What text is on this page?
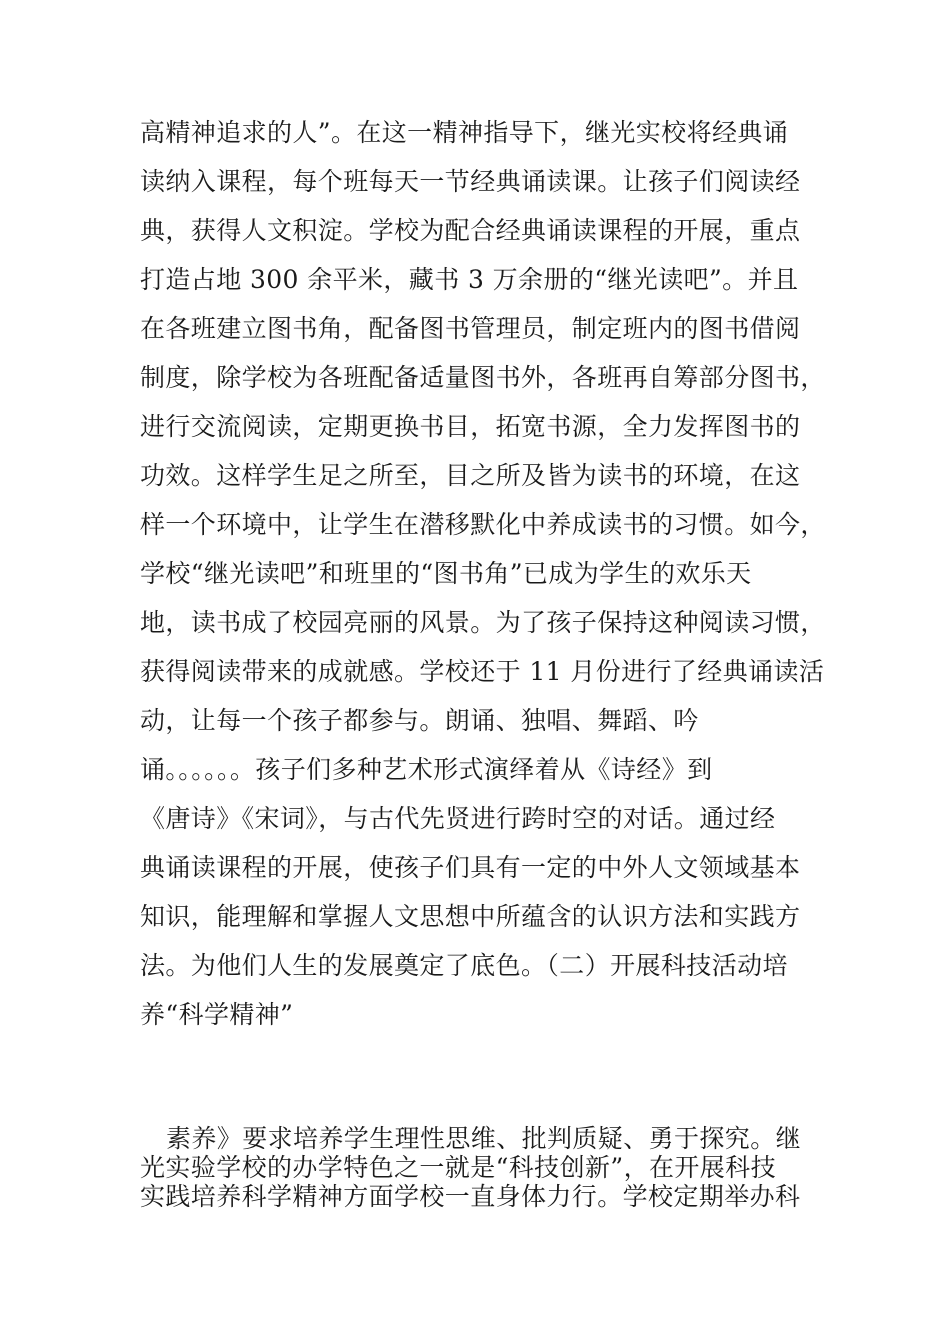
高精神追求的人”。在这一精神指导下，继光实校将经典诵
读纳入课程，每个班每天一节经典诵读课。让孩子们阅读经
典，获得人文积淀。学校为配合经典诵读课程的开展，重点
打造占地 300 余平米，藏书 3 万余册的“继光读吧”。并且
在各班建立图书角，配备图书管理员，制定班内的图书借阅
制度，除学校为各班配备适量图书外，各班再自筹部分图书，
进行交流阅读，定期更换书目，拓宽书源，全力发挥图书的
功效。这样学生足之所至，目之所及皆为读书的环境，在这
样一个环境中，让学生在潜移默化中养成读书的习惯。如今，
学校“继光读吧”和班里的“图书角”已成为学生的欢乐天
地，读书成了校园亮丽的风景。为了孩子保持这种阅读习惯，
获得阅读带来的成就感。学校还于 11 月份进行了经典诵读活
动，让每一个孩子都参与。朗诵、独唱、舞蹈、吟
诵。。。。。。孩子们多种艺术形式演绎着从《诗经》到
《唐诗》《宋词》，与古代先贤进行跨时空的对话。通过经
典诵读课程的开展，使孩子们具有一定的中外人文领域基本
知识，能理解和掌握人文思想中所蕴含的认识方法和实践方
法。为他们人生的发展奠定了底色。（二）开展科技活动培
养“科学精神”
素养》要求培养学生理性思维、批判质疑、勇于探究。继
光实验学校的办学特色之一就是“科技创新”，在开展科技
实践培养科学精神方面学校一直身体力行。学校定期举办科
